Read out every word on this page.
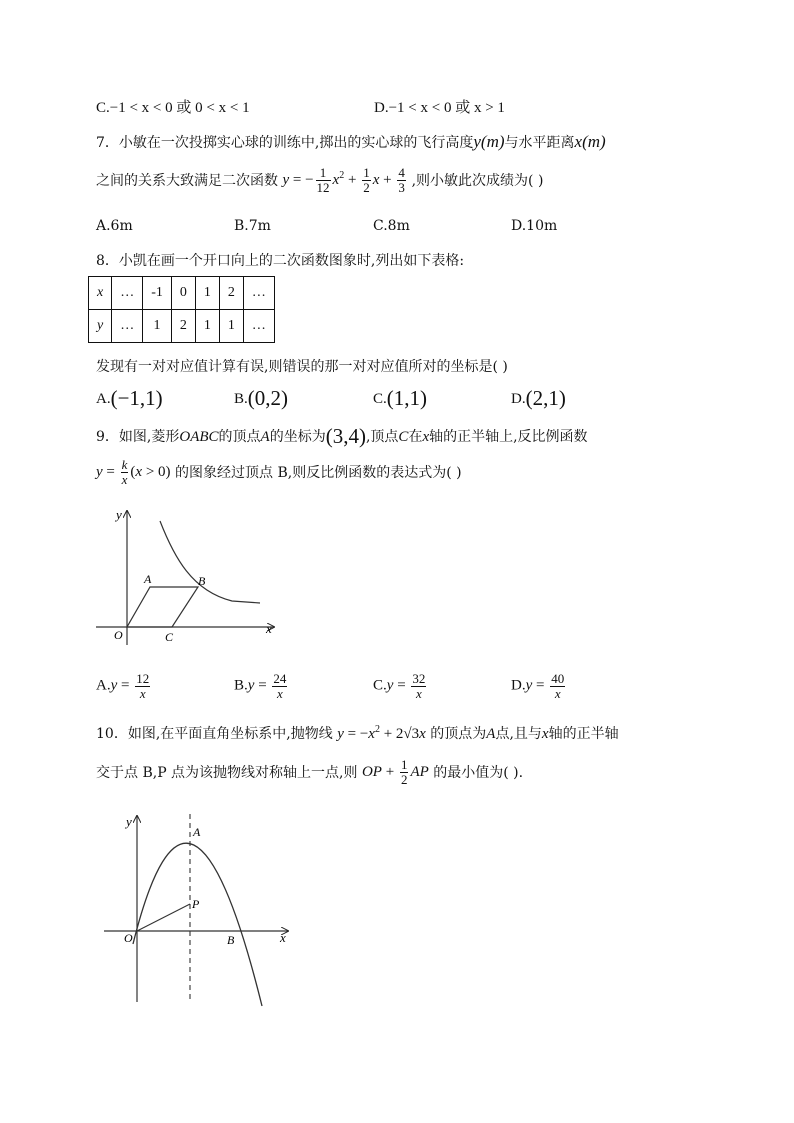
C.−1 < x < 0 或 0 < x < 1	D.−1 < x < 0 或 x > 1
7．小敏在一次投掷实心球的训练中,掷出的实心球的飞行高度y(m)与水平距离x(m)
之间的关系大致满足二次函数 y = − $\frac{1}{12} x^2 + \frac{1}{2}$ $x + \frac{4}{3}$ ,则小敏此次成绩为( )
A.6m	B.7m	C.8m	D.10m
8．小凯在画一个开口向上的二次函数图象时,列出如下表格:
x	…	-1	0	1	2	…
y	…	1	2	1	1	…
发现有一对对应值计算有误,则错误的那一对对应值所对的坐标是( )
A.(−1,1)	B.(0,2)	C.(1,1)	D.(2,1)
9．如图,菱形OABC的顶点A的坐标为(3,4),顶点C在x轴的正半轴上,反比例函数
$y = \frac{k}{x} (x > 0)$ 的图象经过顶点 B,则反比例函数的表达式为( )
y
x
A	B
O	C
$A.y = \frac{12}{x}$	$B.y = \frac{24}{x}$	$C.y = \frac{32}{x}$	$D.y = \frac{40}{x}$
10．如图,在平面直角坐标系中,抛物线 $y = -x^2 + 2√3x$ 的顶点为A点,且与x轴的正半轴
交于点 B,P 点为该抛物线对称轴上一点,则 OP + $\frac{1}{2}$ AP 的最小值为( ).
y
x
A
P
O	B
